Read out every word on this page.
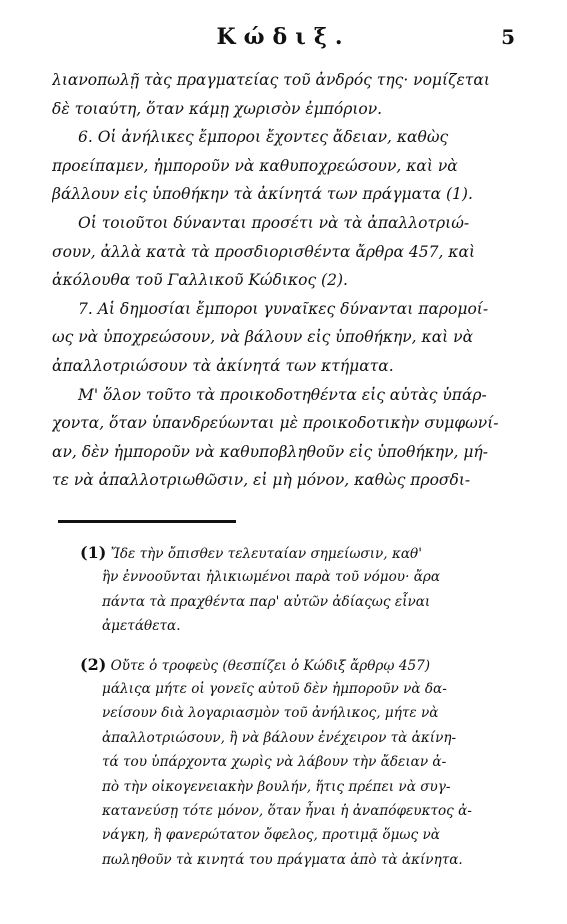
Κώδιξ.	5
λιανοπωλῇ τὰς πραγματείας τοῦ ἀνδρός της· νομίζεται
δὲ τοιαύτη, ὅταν κάμῃ χωρισὸν ἐμπόριον.
6. Οἱ ἀνήλικες ἔμποροι ἔχοντες ἄδειαν, καθὼς
προείπαμεν, ἠμποροῦν νὰ καθυποχρεώσουν, καὶ νὰ
βάλλουν εἰς ὑποθήκην τὰ ἀκίνητά των πράγματα (1).
Οἱ τοιοῦτοι δύνανται προσέτι νὰ τὰ ἀπαλλοτριώ-
σουν, ἀλλὰ κατὰ τὰ προσδιορισθέντα ἄρθρα 457, καὶ
ἀκόλουθα τοῦ Γαλλικοῦ Κώδικος (2).
7. Αἱ δημοσίαι ἔμποροι γυναῖκες δύνανται παρομοί-
ως νὰ ὑποχρεώσουν, νὰ βάλουν εἰς ὑποθήκην, καὶ νὰ
ἀπαλλοτριώσουν τὰ ἀκίνητά των κτήματα.
Μ' ὅλον τοῦτο τὰ προικοδοτηθέντα εἰς αὐτὰς ὑπάρ-
χοντα, ὅταν ὑπανδρεύωνται μὲ προικοδοτικὴν συμφωνί-
αν, δὲν ἠμποροῦν νὰ καθυποβληθοῦν εἰς ὑποθήκην, μή-
τε νὰ ἀπαλλοτριωθῶσιν, εἰ μὴ μόνον, καθὼς προσδι-
(1) Ἴδε τὴν ὄπισθεν τελευταίαν σημείωσιν, καθ'
ἣν ἐννοοῦνται ἠλικιωμένοι παρὰ τοῦ νόμου· ἄρα
πάντα τὰ πραχθέντα παρ' αὐτῶν ἀδίαςως εἶναι
ἀμετάθετα.
(2) Οὔτε ὁ τροφεὺς (θεσπίζει ὁ Κώδιξ ἄρθρῳ 457)
μάλιςα μήτε οἱ γονεῖς αὐτοῦ δὲν ἠμποροῦν νὰ δα-
νείσουν διὰ λογαριασμὸν τοῦ ἀνήλικος, μήτε νὰ
ἀπαλλοτριώσουν, ἢ νὰ βάλουν ἐνέχειρον τὰ ἀκίνη-
τά του ὑπάρχοντα χωρὶς νὰ λάβουν τὴν ἄδειαν ἀ-
πὸ τὴν οἰκογενειακὴν βουλήν, ἥτις πρέπει νὰ συγ-
κατανεύσῃ τότε μόνον, ὅταν ἦναι ἡ ἀναπόφευκτος ἀ-
νάγκη, ἢ φανερώτατον ὄφελος, προτιμᾷ ὅμως νὰ
πωληθοῦν τὰ κινητά του πράγματα ἀπὸ τὰ ἀκίνητα.
